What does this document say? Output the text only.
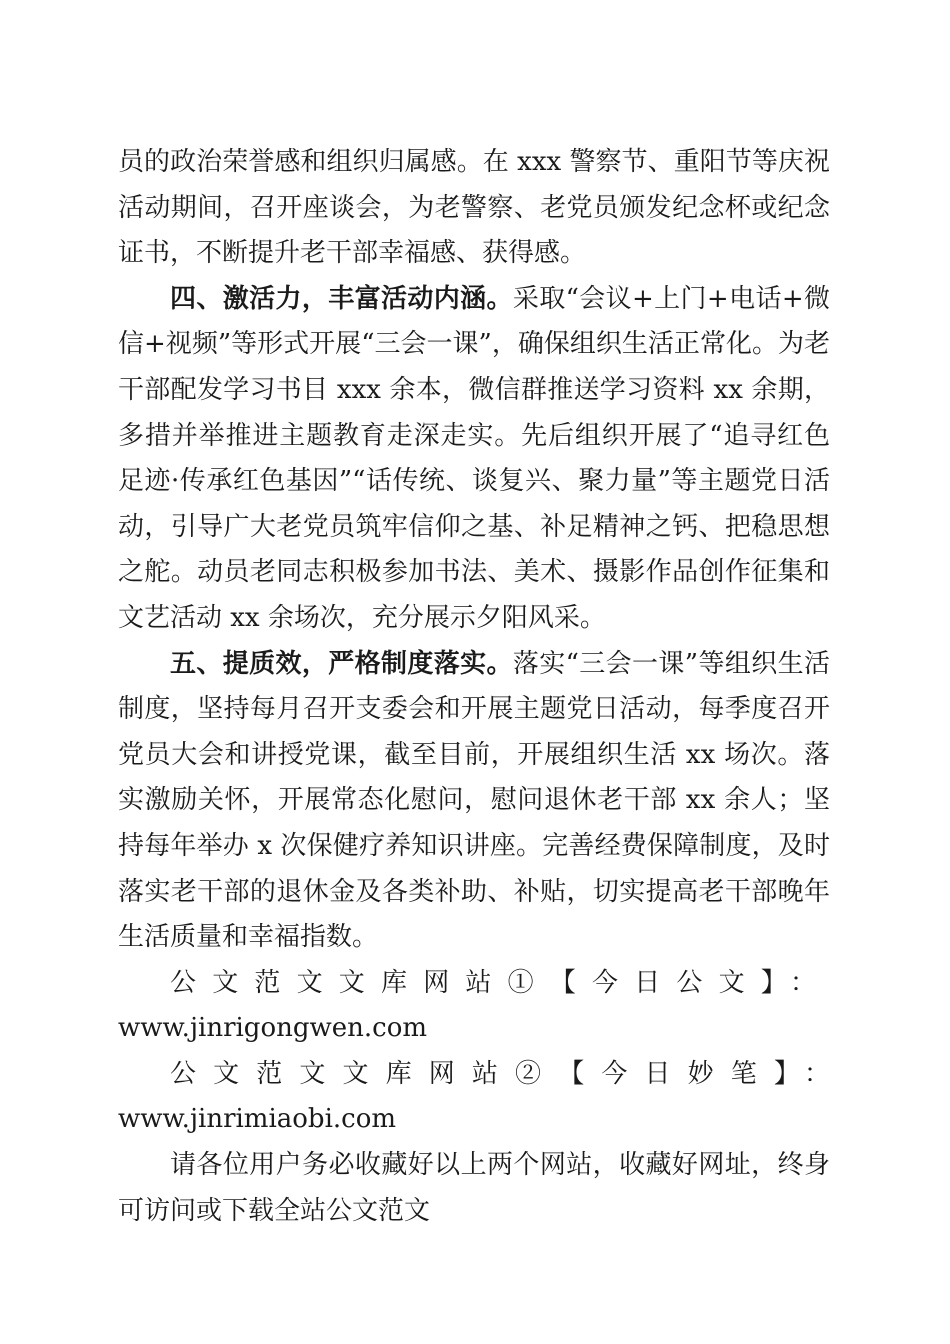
员的政治荣誉感和组织归属感。在 xxx 警察节、重阳节等庆祝活动期间，召开座谈会，为老警察、老党员颁发纪念杯或纪念证书，不断提升老干部幸福感、获得感。

四、激活力，丰富活动内涵。采取“会议+上门+电话+微信+视频”等形式开展“三会一课”，确保组织生活正常化。为老干部配发学习书目 xxx 余本，微信群推送学习资料 xx 余期，多措并举推进主题教育走深走实。先后组织开展了“追寻红色足迹·传承红色基因”“话传统、谈复兴、聚力量”等主题党日活动，引导广大老党员筑牢信仰之基、补足精神之钙、把稳思想之舵。动员老同志积极参加书法、美术、摄影作品创作征集和文艺活动 xx 余场次，充分展示夕阳风采。

五、提质效，严格制度落实。落实“三会一课”等组织生活制度，坚持每月召开支委会和开展主题党日活动，每季度召开党员大会和讲授党课，截至目前，开展组织生活 xx 场次。落实激励关怀，开展常态化慰问，慰问退休老干部 xx 余人；坚持每年举办 x 次保健疗养知识讲座。完善经费保障制度，及时落实老干部的退休金及各类补助、补贴，切实提高老干部晚年生活质量和幸福指数。

公文范文文库网站①【今日公文】：

www.jinrigongwen.com

公文范文文库网站②【今日妙笔】：www.jinrimiaobi.com

请各位用户务必收藏好以上两个网站，收藏好网址，终身可访问或下载全站公文范文
